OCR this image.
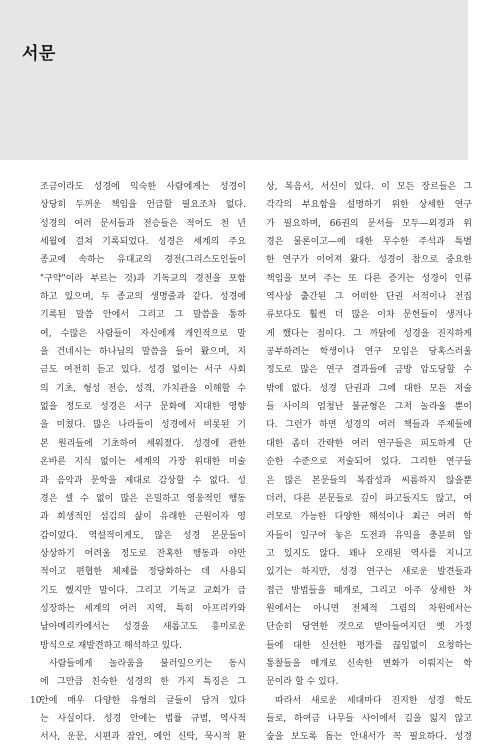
서문
조금이라도 성경에 익숙한 사람에게는 성경이
상당히 두꺼운 책임을 언급할 필요조차 없다.
성경의 여러 문서들과 전승들은 적어도 천 년
세월에 걸쳐 기록되었다. 성경은 세계의 주요
종교에 속하는 유대교의 경전(그리스도인들이
"구약"이라 부르는 것)과 기독교의 경전을 포함
하고 있으며, 두 종교의 생명줄과 같다. 성경에
기록된 말씀 안에서 그리고 그 말씀을 통하
여, 수많은 사람들이 자신에게 개인적으로 말
을 건네시는 하나님의 말씀을 들어 왔으며, 지
금도 여전히 듣고 있다. 성경 없이는 서구 사회
의 기초, 형성 전승, 성격, 가치관을 이해할 수
없을 정도로 성경은 서구 문화에 지대한 영향
을 미쳤다. 많은 나라들이 성경에서 비롯된 기
본 원리들에 기초하여 세워졌다. 성경에 관한
온바른 지식 없이는 세계의 가장 위대한 미술
과 음악과 문학을 제대로 감상할 수 없다. 성
경은 셀 수 없이 많은 은밀하고 영웅적인 행동
과 희생적인 섬김의 삶이 유래한 근원이자 영
감이었다. 역설적이게도, 많은 성경 본문들이
상상하기 어려울 정도로 잔혹한 행동과 야만
적이고 편협한 체제를 정당화하는 데 사용되
기도 했지만 말이다. 그리고 기독교 교회가 급
성장하는 세계의 여러 지역, 특히 아프리카와
남아메리카에서는 성경을 새롭고도 흥미로운
방식으로 재발견하고 해석하고 있다.
사람들에게 놀라움을 불러일으키는 동시
에 그만큼 친숙한 성경의 한 가지 특징은 그
안에 매우 다양한 유형의 글들이 담겨 있다
는 사실이다. 성경 안에는 법률 규범, 역사적
서사, 운문, 시편과 잠언, 예언 신탁, 묵시적 환
상, 복음서, 서신이 있다. 이 모든 장르들은 그
각각의 부요함을 설명하기 위한 상세한 연구
가 필요하며, 66권의 문서들 모두—외경과 위
경은 물론이고—에 대한 무수한 주석과 특별
한 연구가 이어져 왔다. 성경이 참으로 중요한
책임을 보여 주는 또 다른 증거는 성경이 인류
역사상 출간된 그 어떠한 단권 서적이나 전집
류보다도 훨씬 더 많은 이차 문헌들이 생겨나
게 했다는 점이다. 그 까닭에 성경을 진지하게
공부하려는 학생이나 연구 모임은 당혹스러울
정도로 많은 연구 결과들에 금방 압도당할 수
밖에 없다. 성경 단권과 그에 대한 모든 저술
들 사이의 엄청난 불균형은 그저 놀라울 뿐이
다. 그런가 하면 성경의 여러 책들과 주제들에
대한 좀더 간략한 여러 연구들은 피도하게 단
순한 수준으로 저술되어 있다. 그리한 연구들
은 많은 본문들의 복잡성과 씨름하지 않을뿐
더러, 다른 본문들로 깊이 파고들지도 않고, 여
러모로 가능한 다양한 해석이나 최근 여러 학
자들이 일구어 놓은 도전과 유익을 충분히 알
고 있지도 않다. 꽤나 오래된 역사를 지니고
있기는 하지만, 성경 연구는 새로운 발견들과
접근 방법들을 때개로, 그리고 아주 상세한 차
원에서는 아니면 전체적 그림의 차원에서는
단순히 당연한 것으로 받아들여지던 옛 가정
들에 대한 신선한 평가를 끊임없이 요청하는
통찰들을 매개로 신속한 변화가 이뤄지는 학
문이라 할 수 있다.
따라서 새로운 세대마다 진지한 성경 학도
들로, 하여금 나무들 사이에서 길을 잃지 않고
숲을 보도록 돕는 안내서가 꼭 필요하다. 성경
10
